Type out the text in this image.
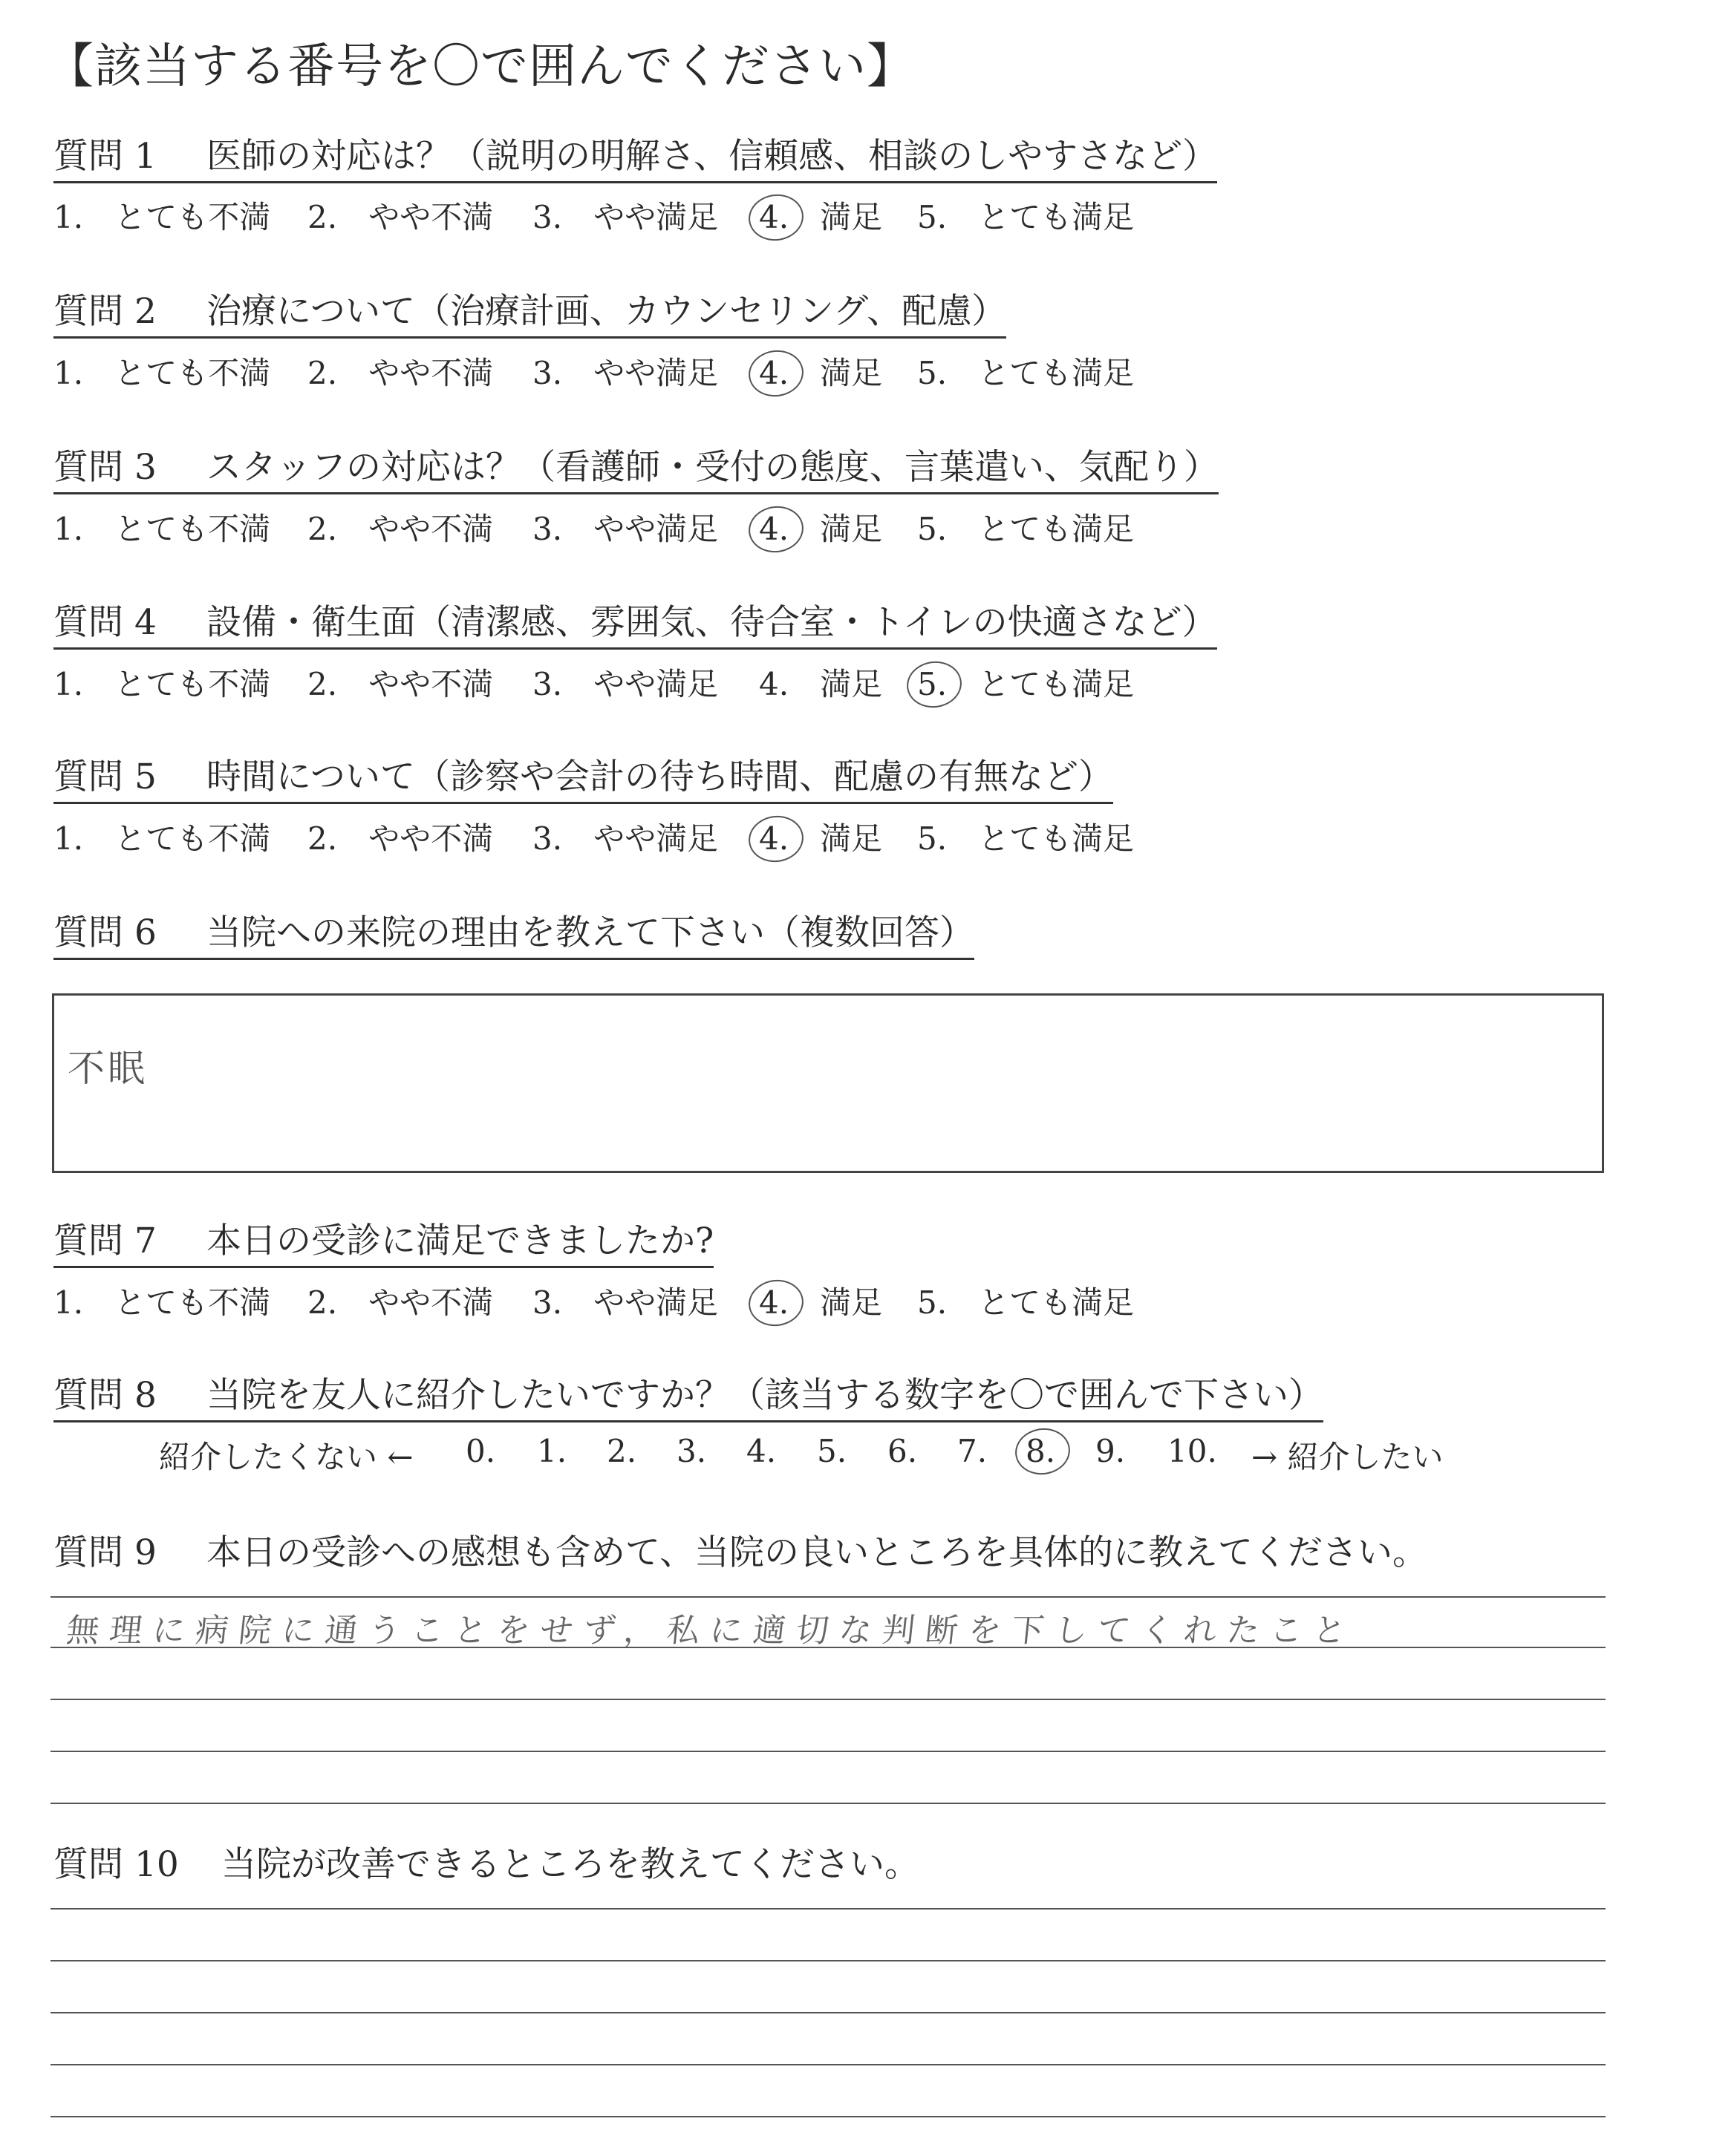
【該当する番号を〇で囲んでください】
質問 1 医師の対応は？（説明の明解さ、信頼感、相談のしやすさなど）
1.　とても不満 2.　やや不満 3.　やや満足 4.　満足 5.　とても満足
質問 2 治療について（治療計画、カウンセリング、配慮）
1.　とても不満 2.　やや不満 3.　やや満足 4.　満足 5.　とても満足
質問 3 スタッフの対応は？（看護師・受付の態度、言葉遣い、気配り）
1.　とても不満 2.　やや不満 3.　やや満足 4.　満足 5.　とても満足
質問 4 設備・衛生面（清潔感、雰囲気、待合室・トイレの快適さなど）
1.　とても不満 2.　やや不満 3.　やや満足 4.　満足 5.　とても満足
質問 5 時間について（診察や会計の待ち時間、配慮の有無など）
1.　とても不満 2.　やや不満 3.　やや満足 4.　満足 5.　とても満足
質問 6 当院への来院の理由を教えて下さい（複数回答）
不眠
質問 7 本日の受診に満足できましたか?
1.　とても不満 2.　やや不満 3.　やや満足 4.　満足 5.　とても満足
質問 8 当院を友人に紹介したいですか？（該当する数字を〇で囲んで下さい）
紹介したくない ← 0. 1. 2. 3. 4. 5. 6. 7. 8. 9. 10. → 紹介したい
質問 9 本日の受診への感想も含めて、当院の良いところを具体的に教えてください。
無理に病院に通うことをせず，私に適切な判断を下してくれたこと
質問 10 当院が改善できるところを教えてください。
